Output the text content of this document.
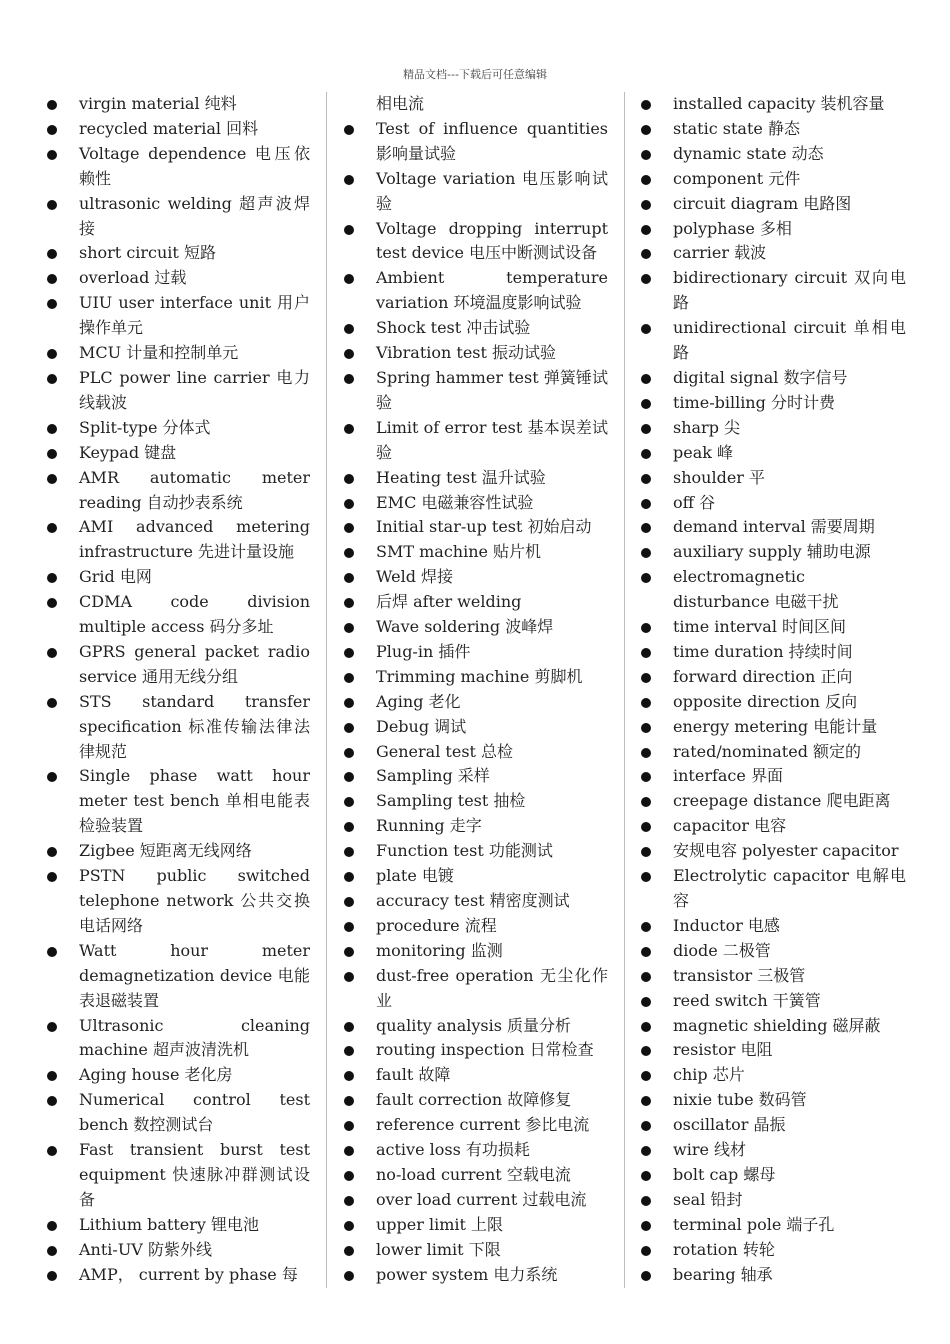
精品文档---下载后可任意编辑
virgin material 纯料
recycled material 回料
Voltage dependence 电压依赖性
ultrasonic welding 超声波焊接
short circuit 短路
overload 过载
UIU user interface unit 用户操作单元
MCU 计量和控制单元
PLC power line carrier 电力线载波
Split-type 分体式
Keypad 键盘
AMR automatic meter reading 自动抄表系统
AMI advanced metering infrastructure 先进计量设施
Grid 电网
CDMA code division multiple access 码分多址
GPRS general packet radio service 通用无线分组
STS standard transfer specification 标准传输法律法律规范
Single phase watt hour meter test bench 单相电能表检验装置
Zigbee 短距离无线网络
PSTN public switched telephone network 公共交换电话网络
Watt hour meter demagnetization device 电能表退磁装置
Ultrasonic cleaning machine 超声波清洗机
Aging house 老化房
Numerical control test bench 数控测试台
Fast transient burst test equipment 快速脉冲群测试设备
Lithium battery 锂电池
Anti-UV 防紫外线
AMP， current by phase 每
相电流
Test of influence quantities 影响量试验
Voltage variation 电压影响试验
Voltage dropping interrupt test device 电压中断测试设备
Ambient temperature variation 环境温度影响试验
Shock test 冲击试验
Vibration test 振动试验
Spring hammer test 弹簧锤试验
Limit of error test 基本误差试验
Heating test 温升试验
EMC 电磁兼容性试验
Initial star-up test 初始启动
SMT machine 贴片机
Weld 焊接
后焊 after welding
Wave soldering 波峰焊
Plug-in 插件
Trimming machine 剪脚机
Aging 老化
Debug 调试
General test 总检
Sampling 采样
Sampling test 抽检
Running 走字
Function test 功能测试
plate 电镀
accuracy test 精密度测试
procedure 流程
monitoring 监测
dust-free operation 无尘化作业
quality analysis 质量分析
routing inspection 日常检查
fault 故障
fault correction 故障修复
reference current 参比电流
active loss 有功损耗
no-load current 空载电流
over load current 过载电流
upper limit 上限
lower limit 下限
power system 电力系统
installed capacity 装机容量
static state 静态
dynamic state 动态
component 元件
circuit diagram 电路图
polyphase 多相
carrier 载波
bidirectionary circuit 双向电路
unidirectional circuit 单相电路
digital signal 数字信号
time-billing 分时计费
sharp 尖
peak 峰
shoulder 平
off 谷
demand interval 需要周期
auxiliary supply 辅助电源
electromagnetic disturbance 电磁干扰
time interval 时间区间
time duration 持续时间
forward direction 正向
opposite direction 反向
energy metering 电能计量
rated/nominated 额定的
interface 界面
creepage distance 爬电距离
capacitor 电容
安规电容 polyester capacitor
Electrolytic capacitor 电解电容
Inductor 电感
diode 二极管
transistor 三极管
reed switch 干簧管
magnetic shielding 磁屏蔽
resistor 电阻
chip 芯片
nixie tube 数码管
oscillator 晶振
wire 线材
bolt cap 螺母
seal 铅封
terminal pole 端子孔
rotation 转轮
bearing 轴承
